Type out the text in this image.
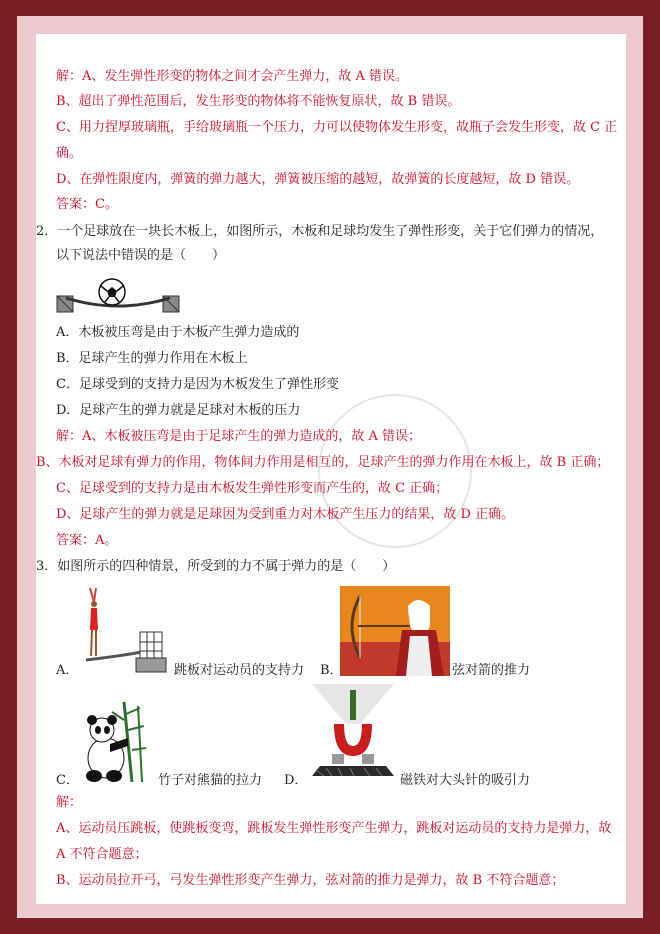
解：A、发生弹性形变的物体之间才会产生弹力，故 A 错误。
B、超出了弹性范围后，发生形变的物体将不能恢复原状，故 B 错误。
C、用力捏厚玻璃瓶，手给玻璃瓶一个压力，力可以使物体发生形变，故瓶子会发生形变，故 C 正
确。
D、在弹性限度内，弹簧的弹力越大，弹簧被压缩的越短，故弹簧的长度越短，故 D 错误。
答案：C。
2．一个足球放在一块长木板上，如图所示，木板和足球均发生了弹性形变，关于它们弹力的情况，
以下说法中错误的是（　　）
A．木板被压弯是由于木板产生弹力造成的
B．足球产生的弹力作用在木板上
C．足球受到的支持力是因为木板发生了弹性形变
D．足球产生的弹力就是足球对木板的压力
解：A、木板被压弯是由于足球产生的弹力造成的，故 A 错误；
B、木板对足球有弹力的作用，物体间力作用是相互的，足球产生的弹力作用在木板上，故 B 正确；
C、足球受到的支持力是由木板发生弹性形变而产生的，故 C 正确；
D、足球产生的弹力就是足球因为受到重力对木板产生压力的结果，故 D 正确。
答案：A。
3．如图所示的四种情景，所受到的力不属于弹力的是（　　）
A．	跳板对运动员的支持力 B．	弦对箭的推力
C．	竹子对熊猫的拉力 D．	磁铁对大头针的吸引力
解：
A、运动员压跳板，使跳板变弯，跳板发生弹性形变产生弹力，跳板对运动员的支持力是弹力，故
A 不符合题意；
B、运动员拉开弓，弓发生弹性形变产生弹力，弦对箭的推力是弹力，故 B 不符合题意；
